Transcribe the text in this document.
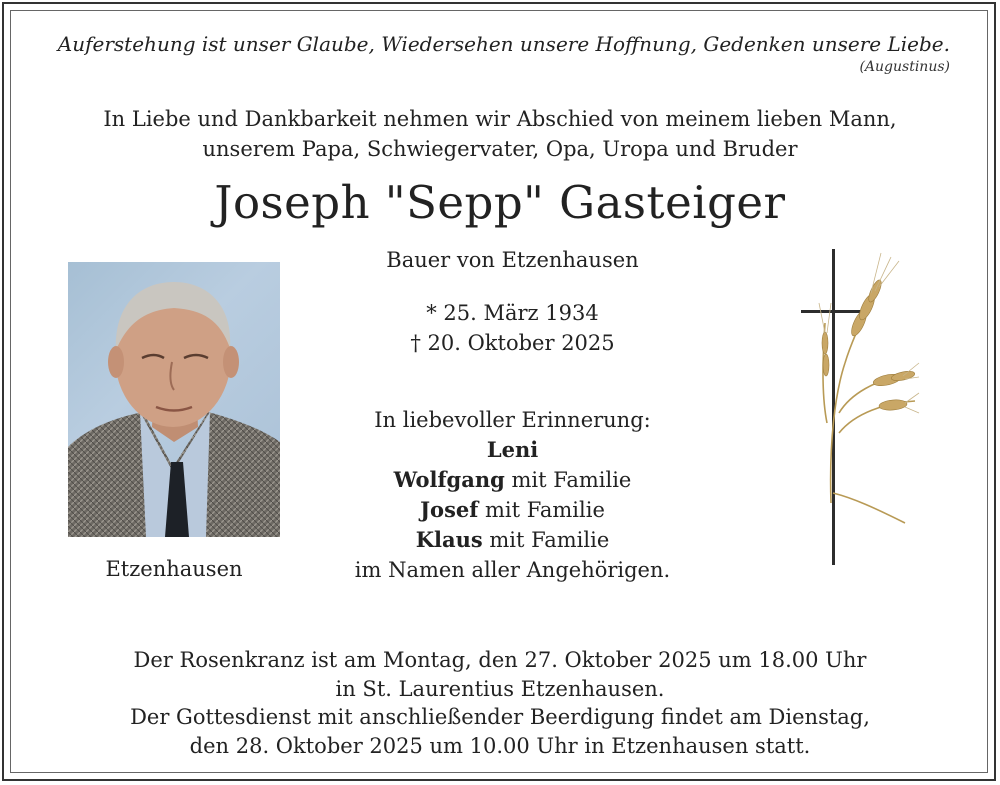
Auferstehung ist unser Glaube, Wiedersehen unsere Hoffnung, Gedenken unsere Liebe.
(Augustinus)
In Liebe und Dankbarkeit nehmen wir Abschied von meinem lieben Mann,
unserem Papa, Schwiegervater, Opa, Uropa und Bruder
Joseph "Sepp" Gasteiger
Bauer von Etzenhausen
* 25. März 1934
† 20. Oktober 2025
In liebevoller Erinnerung:
Leni
Wolfgang mit Familie
Josef mit Familie
Klaus mit Familie
im Namen aller Angehörigen.
Etzenhausen
Der Rosenkranz ist am Montag, den 27. Oktober 2025 um 18.00 Uhr
in St. Laurentius Etzenhausen.
Der Gottesdienst mit anschließender Beerdigung findet am Dienstag,
den 28. Oktober 2025 um 10.00 Uhr in Etzenhausen statt.
